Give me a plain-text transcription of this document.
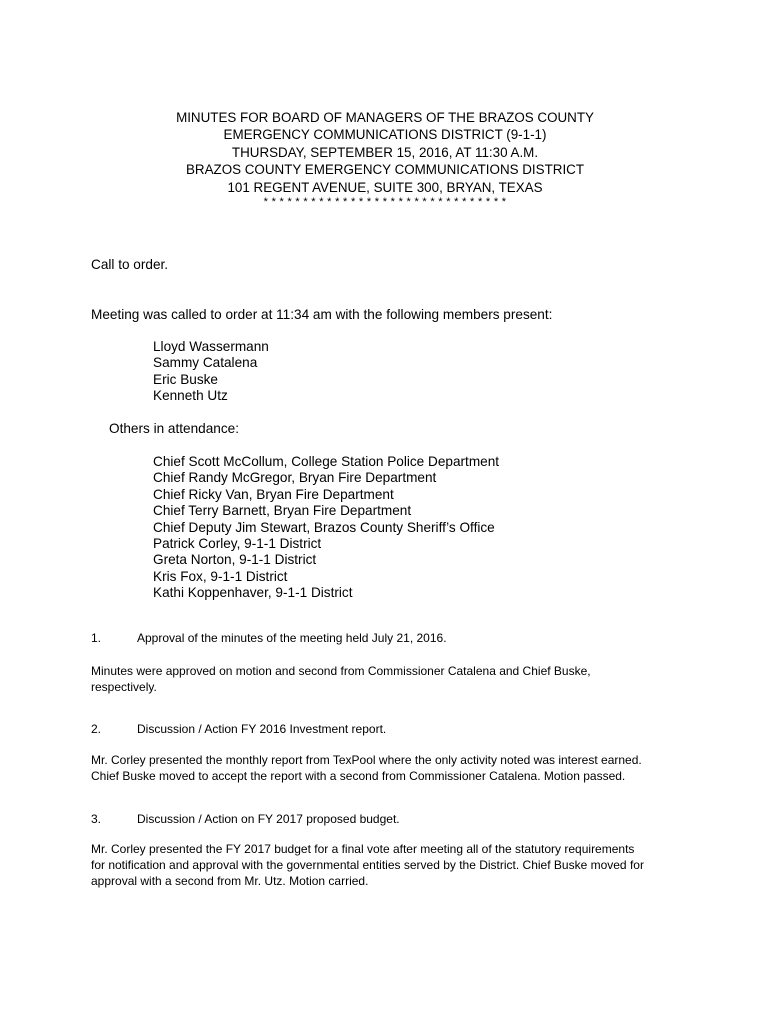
MINUTES FOR BOARD OF MANAGERS OF THE BRAZOS COUNTY
EMERGENCY COMMUNICATIONS DISTRICT (9-1-1)
THURSDAY, SEPTEMBER 15, 2016, AT 11:30 A.M.
BRAZOS COUNTY EMERGENCY COMMUNICATIONS DISTRICT
101 REGENT AVENUE, SUITE 300, BRYAN, TEXAS
* * * * * * * * * * * * * * * * * * * * * * * * * * * * * * *
Call to order.
Meeting was called to order at 11:34 am with the following members present:
Lloyd Wassermann
Sammy Catalena
Eric Buske
Kenneth Utz
Others in attendance:
Chief Scott McCollum, College Station Police Department
Chief Randy McGregor, Bryan Fire Department
Chief Ricky Van, Bryan Fire Department
Chief Terry Barnett, Bryan Fire Department
Chief Deputy Jim Stewart, Brazos County Sheriff’s Office
Patrick Corley, 9-1-1 District
Greta Norton, 9-1-1 District
Kris Fox, 9-1-1 District
Kathi Koppenhaver, 9-1-1 District
1.	Approval of the minutes of the meeting held July 21, 2016.
Minutes were approved on motion and second from Commissioner Catalena and Chief Buske,
respectively.
2.	Discussion / Action FY 2016 Investment report.
Mr. Corley presented the monthly report from TexPool where the only activity noted was interest earned.
Chief Buske moved to accept the report with a second from Commissioner Catalena. Motion passed.
3.	Discussion / Action on FY 2017 proposed budget.
Mr. Corley presented the FY 2017 budget for a final vote after meeting all of the statutory requirements
for notification and approval with the governmental entities served by the District. Chief Buske moved for
approval with a second from Mr. Utz. Motion carried.
